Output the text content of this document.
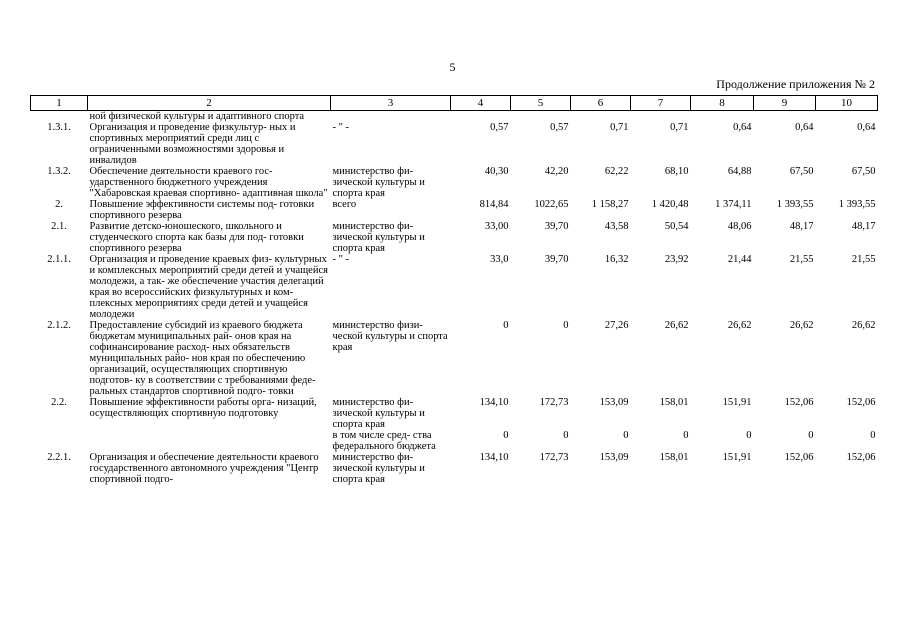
5
Продолжение приложения № 2
1	2	3	4	5	6	7	8	9	10
	ной физической культуры и адаптивного спорта								
1.3.1.	Организация и проведение физкультур- ных и спортивных мероприятий среди лиц с ограниченными возможностями здоровья и инвалидов	- " -	0,57	0,57	0,71	0,71	0,64	0,64	0,64
1.3.2.	Обеспечение деятельности краевого гос- ударственного бюджетного учреждения "Хабаровская краевая спортивно- адаптивная школа"	министерство фи- зической культуры и спорта края	40,30	42,20	62,22	68,10	64,88	67,50	67,50
2.	Повышение эффективности системы под- готовки спортивного резерва	всего	814,84	1022,65	1 158,27	1 420,48	1 374,11	1 393,55	1 393,55
2.1.	Развитие детско-юношеского, школьного и студенческого спорта как базы для под- готовки спортивного резерва	министерство фи- зической культуры и спорта края	33,00	39,70	43,58	50,54	48,06	48,17	48,17
2.1.1.	Организация и проведение краевых физ- культурных и комплексных мероприятий среди детей и учащейся молодежи, а так- же обеспечение участия делегаций края во всероссийских физкультурных и ком- плексных мероприятиях среди детей и учащейся молодежи	- " -	33,0	39,70	16,32	23,92	21,44	21,55	21,55
2.1.2.	Предоставление субсидий из краевого бюджета бюджетам муниципальных рай- онов края на софинансирование расход- ных обязательств муниципальных райо- нов края по обеспечению организаций, осуществляющих спортивную подготов- ку в соответствии с требованиями феде- ральных стандартов спортивной подго- товки	министерство физи- ческой культуры и спорта края	0	0	27,26	26,62	26,62	26,62	26,62
2.2.	Повышение эффективности работы орга- низаций, осуществляющих спортивную подготовку	министерство фи- зической культуры и спорта края	134,10	172,73	153,09	158,01	151,91	152,06	152,06
		в том числе сред- ства федерального бюджета	0	0	0	0	0	0	0
2.2.1.	Организация и обеспечение деятельности краевого государственного автономного учреждения "Центр спортивной подго-	министерство фи- зической культуры и спорта края	134,10	172,73	153,09	158,01	151,91	152,06	152,06
